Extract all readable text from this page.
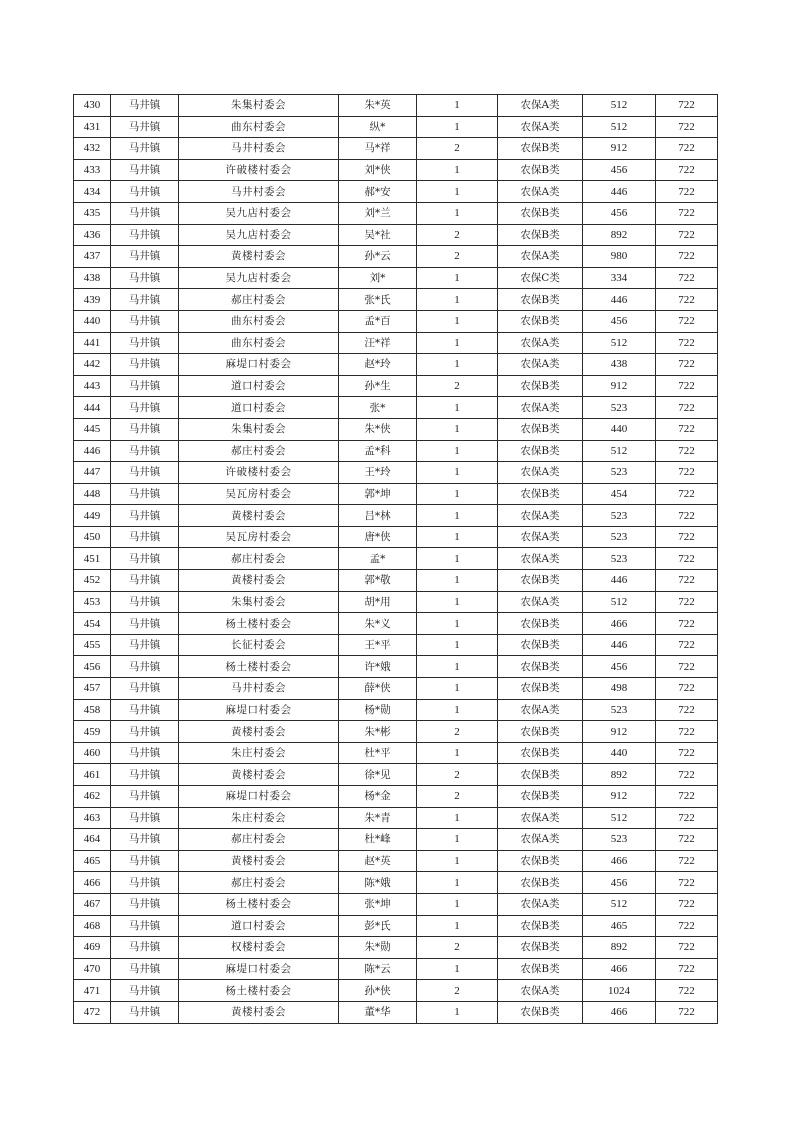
430	马井镇	朱集村委会	朱*英	1	农保A类	512	722
431	马井镇	曲东村委会	纵*	1	农保A类	512	722
432	马井镇	马井村委会	马*祥	2	农保B类	912	722
433	马井镇	许破楼村委会	刘*侠	1	农保B类	456	722
434	马井镇	马井村委会	郝*安	1	农保A类	446	722
435	马井镇	吴九店村委会	刘*兰	1	农保B类	456	722
436	马井镇	吴九店村委会	吴*社	2	农保B类	892	722
437	马井镇	黄楼村委会	孙*云	2	农保A类	980	722
438	马井镇	吴九店村委会	刘*	1	农保C类	334	722
439	马井镇	郝庄村委会	张*氏	1	农保B类	446	722
440	马井镇	曲东村委会	孟*百	1	农保B类	456	722
441	马井镇	曲东村委会	汪*祥	1	农保A类	512	722
442	马井镇	麻堤口村委会	赵*玲	1	农保A类	438	722
443	马井镇	道口村委会	孙*生	2	农保B类	912	722
444	马井镇	道口村委会	张*	1	农保A类	523	722
445	马井镇	朱集村委会	朱*侠	1	农保B类	440	722
446	马井镇	郝庄村委会	孟*科	1	农保B类	512	722
447	马井镇	许破楼村委会	王*玲	1	农保A类	523	722
448	马井镇	吴瓦房村委会	郭*坤	1	农保B类	454	722
449	马井镇	黄楼村委会	吕*林	1	农保A类	523	722
450	马井镇	吴瓦房村委会	唐*侠	1	农保A类	523	722
451	马井镇	郝庄村委会	孟*	1	农保A类	523	722
452	马井镇	黄楼村委会	郭*敬	1	农保B类	446	722
453	马井镇	朱集村委会	胡*用	1	农保A类	512	722
454	马井镇	杨土楼村委会	朱*义	1	农保B类	466	722
455	马井镇	长征村委会	王*平	1	农保B类	446	722
456	马井镇	杨土楼村委会	许*娥	1	农保B类	456	722
457	马井镇	马井村委会	薛*侠	1	农保B类	498	722
458	马井镇	麻堤口村委会	杨*勋	1	农保A类	523	722
459	马井镇	黄楼村委会	朱*彬	2	农保B类	912	722
460	马井镇	朱庄村委会	杜*平	1	农保B类	440	722
461	马井镇	黄楼村委会	徐*见	2	农保B类	892	722
462	马井镇	麻堤口村委会	杨*金	2	农保B类	912	722
463	马井镇	朱庄村委会	朱*青	1	农保A类	512	722
464	马井镇	郝庄村委会	杜*峰	1	农保A类	523	722
465	马井镇	黄楼村委会	赵*英	1	农保B类	466	722
466	马井镇	郝庄村委会	陈*娥	1	农保B类	456	722
467	马井镇	杨土楼村委会	张*坤	1	农保A类	512	722
468	马井镇	道口村委会	彭*氏	1	农保B类	465	722
469	马井镇	权楼村委会	朱*勋	2	农保B类	892	722
470	马井镇	麻堤口村委会	陈*云	1	农保B类	466	722
471	马井镇	杨土楼村委会	孙*侠	2	农保A类	1024	722
472	马井镇	黄楼村委会	董*华	1	农保B类	466	722
